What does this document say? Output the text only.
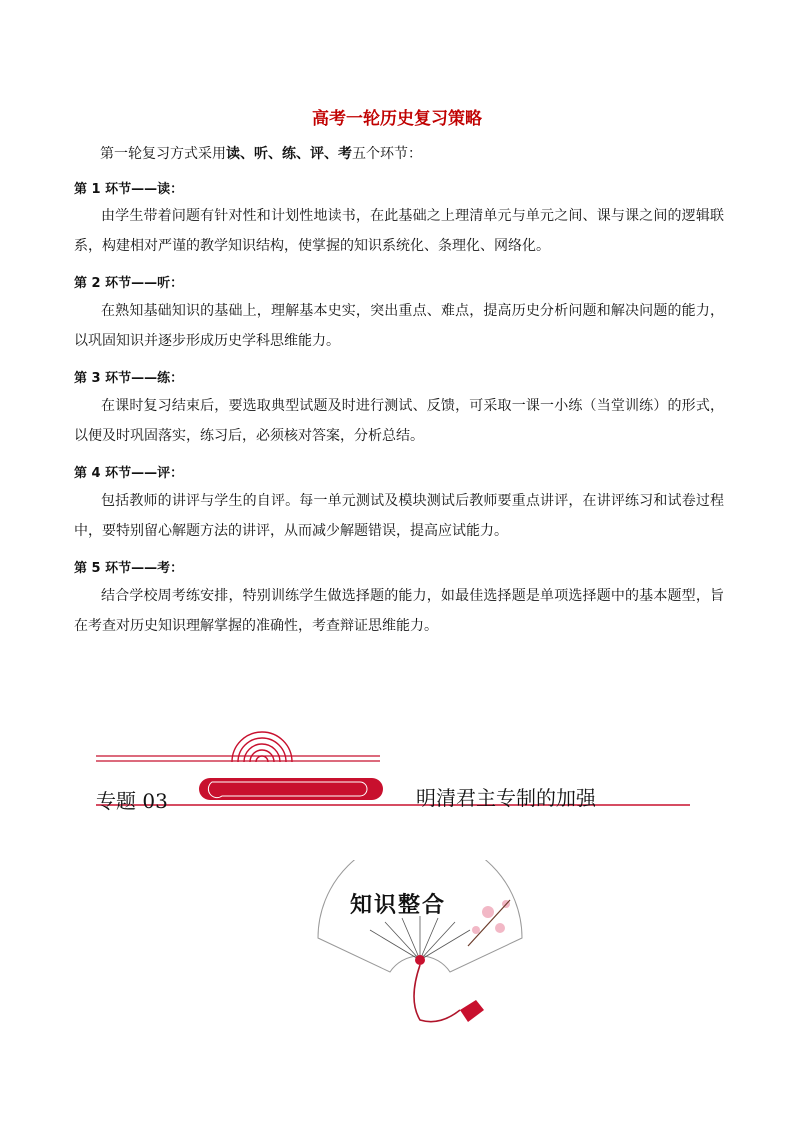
高考一轮历史复习策略
第一轮复习方式采用读、听、练、评、考五个环节：
第 1 环节——读：
由学生带着问题有针对性和计划性地读书，在此基础之上理清单元与单元之间、课与课之间的逻辑联系，构建相对严谨的教学知识结构，使掌握的知识系统化、条理化、网络化。
第 2 环节——听：
在熟知基础知识的基础上，理解基本史实，突出重点、难点，提高历史分析问题和解决问题的能力，以巩固知识并逐步形成历史学科思维能力。
第 3 环节——练：
在课时复习结束后，要选取典型试题及时进行测试、反馈，可采取一课一小练（当堂训练）的形式，以便及时巩固落实，练习后，必须核对答案，分析总结。
第 4 环节——评：
包括教师的讲评与学生的自评。每一单元测试及模块测试后教师要重点讲评，在讲评练习和试卷过程中，要特别留心解题方法的讲评，从而减少解题错误，提高应试能力。
第 5 环节——考：
结合学校周考练安排，特别训练学生做选择题的能力，如最佳选择题是单项选择题中的基本题型，旨在考查对历史知识理解掌握的准确性，考查辩证思维能力。
专题 03	明清君主专制的加强
知识整合
